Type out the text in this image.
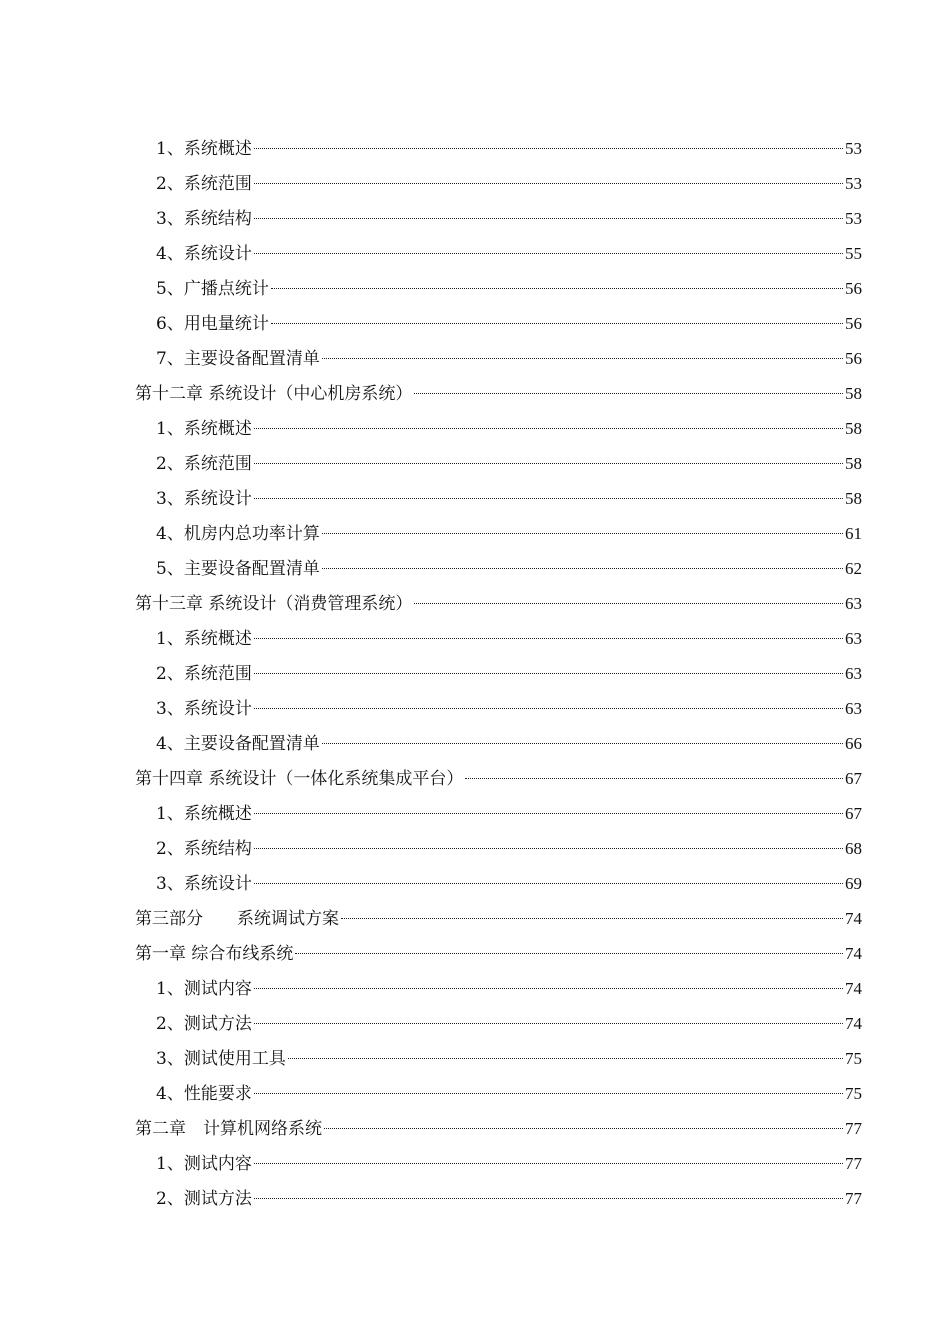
1、系统概述	53
2、系统范围	53
3、系统结构	53
4、系统设计	55
5、广播点统计	56
6、用电量统计	56
7、主要设备配置清单	56
第十二章 系统设计（中心机房系统）	58
1、系统概述	58
2、系统范围	58
3、系统设计	58
4、机房内总功率计算	61
5、主要设备配置清单	62
第十三章 系统设计（消费管理系统）	63
1、系统概述	63
2、系统范围	63
3、系统设计	63
4、主要设备配置清单	66
第十四章 系统设计（一体化系统集成平台）	67
1、系统概述	67
2、系统结构	68
3、系统设计	69
第三部分　　系统调试方案	74
第一章 综合布线系统	74
1、测试内容	74
2、测试方法	74
3、测试使用工具	75
4、性能要求	75
第二章　计算机网络系统	77
1、测试内容	77
2、测试方法	77
